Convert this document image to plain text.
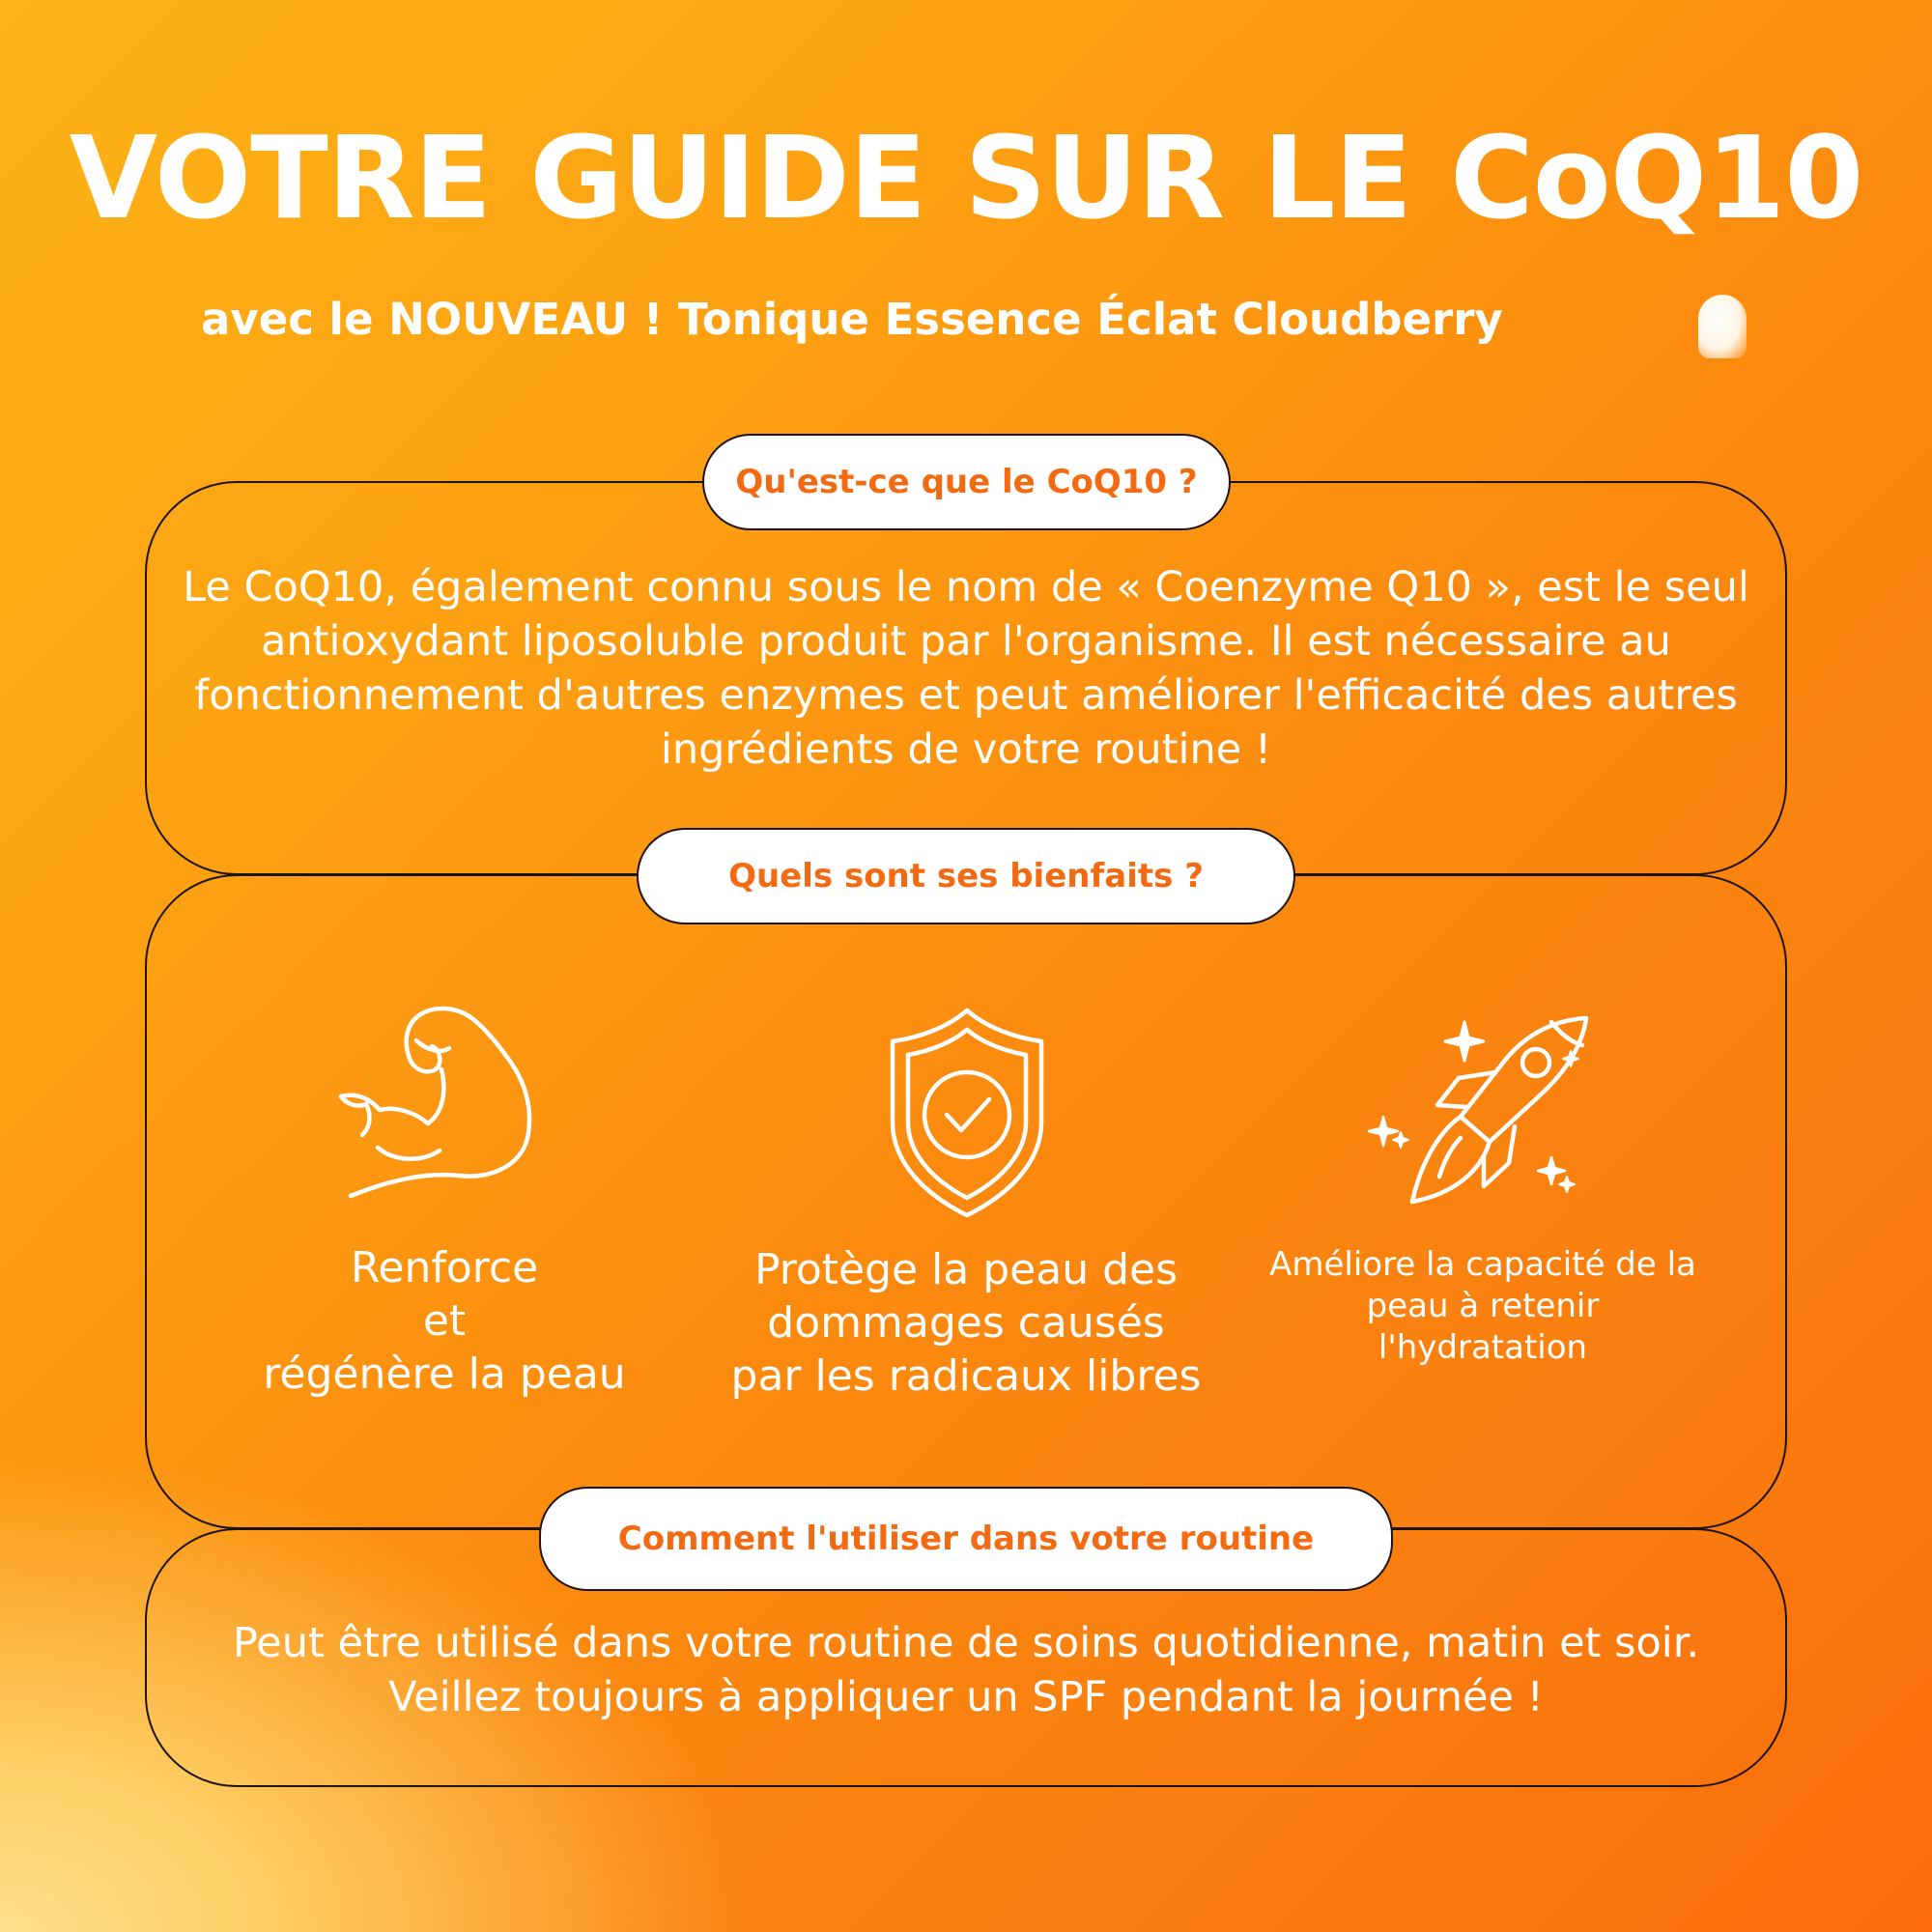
VOTRE GUIDE SUR LE CoQ10
avec le NOUVEAU ! Tonique Essence Éclat Cloudberry
Qu'est-ce que le CoQ10 ?

Le CoQ10, également connu sous le nom de « Coenzyme Q10 », est le seul antioxydant liposoluble produit par l'organisme. Il est nécessaire au fonctionnement d'autres enzymes et peut améliorer l'efficacité des autres ingrédients de votre routine !

Quels sont ses bienfaits ?
Renforce
et
régénère la peau
Protège la peau des
dommages causés
par les radicaux libres
Améliore la capacité de la
peau à retenir
l'hydratation
Comment l'utiliser dans votre routine

Peut être utilisé dans votre routine de soins quotidienne, matin et soir. Veillez toujours à appliquer un SPF pendant la journée !
